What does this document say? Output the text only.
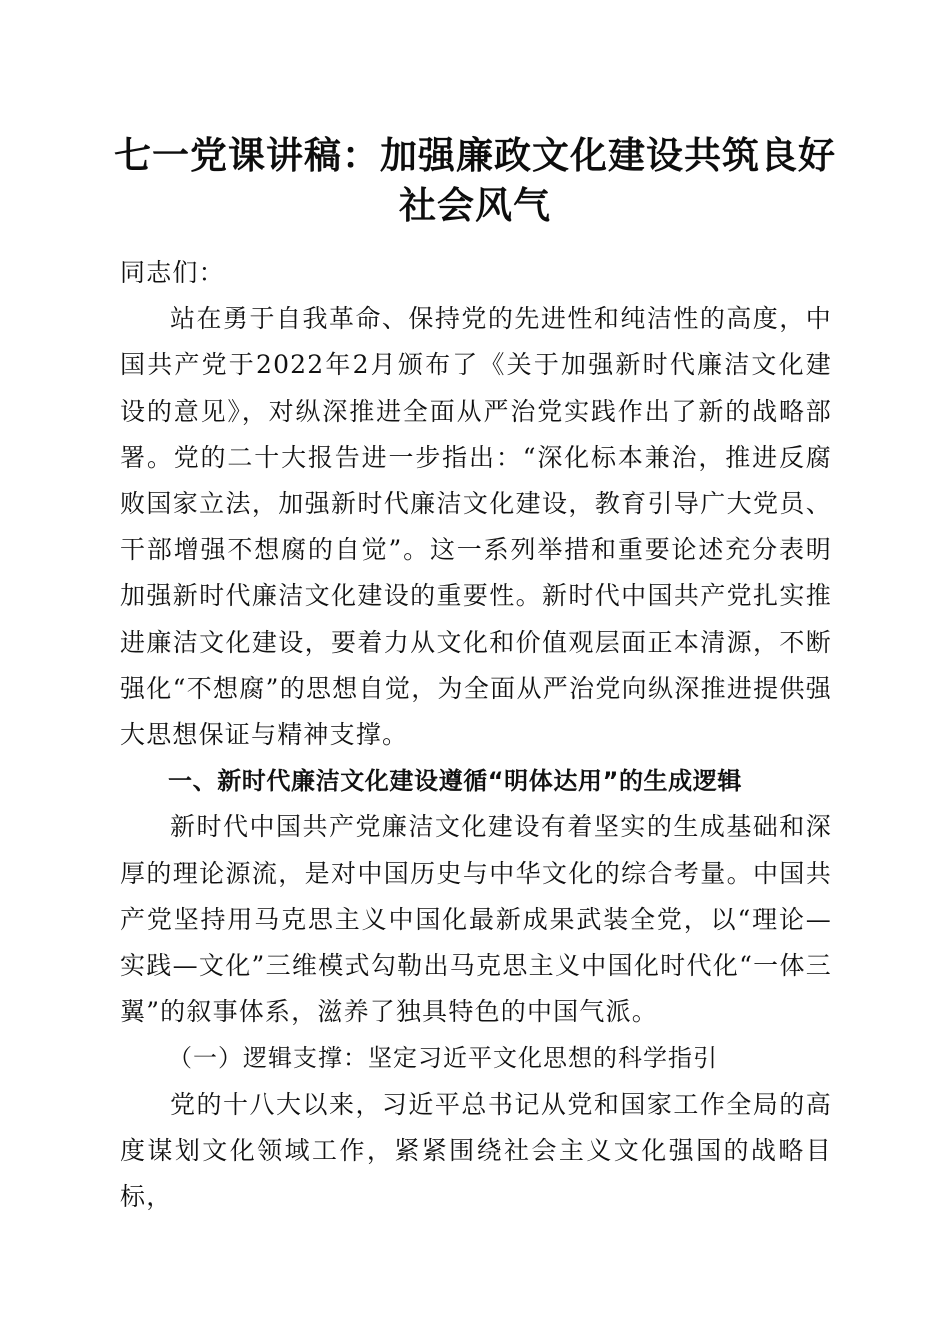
七一党课讲稿：加强廉政文化建设共筑良好社会风气

同志们：

站在勇于自我革命、保持党的先进性和纯洁性的高度，中国共产党于2022年2月颁布了《关于加强新时代廉洁文化建设的意见》，对纵深推进全面从严治党实践作出了新的战略部署。党的二十大报告进一步指出：“深化标本兼治，推进反腐败国家立法，加强新时代廉洁文化建设，教育引导广大党员、干部增强不想腐的自觉”。这一系列举措和重要论述充分表明加强新时代廉洁文化建设的重要性。新时代中国共产党扎实推进廉洁文化建设，要着力从文化和价值观层面正本清源，不断强化“不想腐”的思想自觉，为全面从严治党向纵深推进提供强大思想保证与精神支撑。

一、新时代廉洁文化建设遵循“明体达用”的生成逻辑

新时代中国共产党廉洁文化建设有着坚实的生成基础和深厚的理论源流，是对中国历史与中华文化的综合考量。中国共产党坚持用马克思主义中国化最新成果武装全党，以“理论—实践—文化”三维模式勾勒出马克思主义中国化时代化“一体三翼”的叙事体系，滋养了独具特色的中国气派。

（一）逻辑支撑：坚定习近平文化思想的科学指引

党的十八大以来，习近平总书记从党和国家工作全局的高度谋划文化领域工作，紧紧围绕社会主义文化强国的战略目标，
